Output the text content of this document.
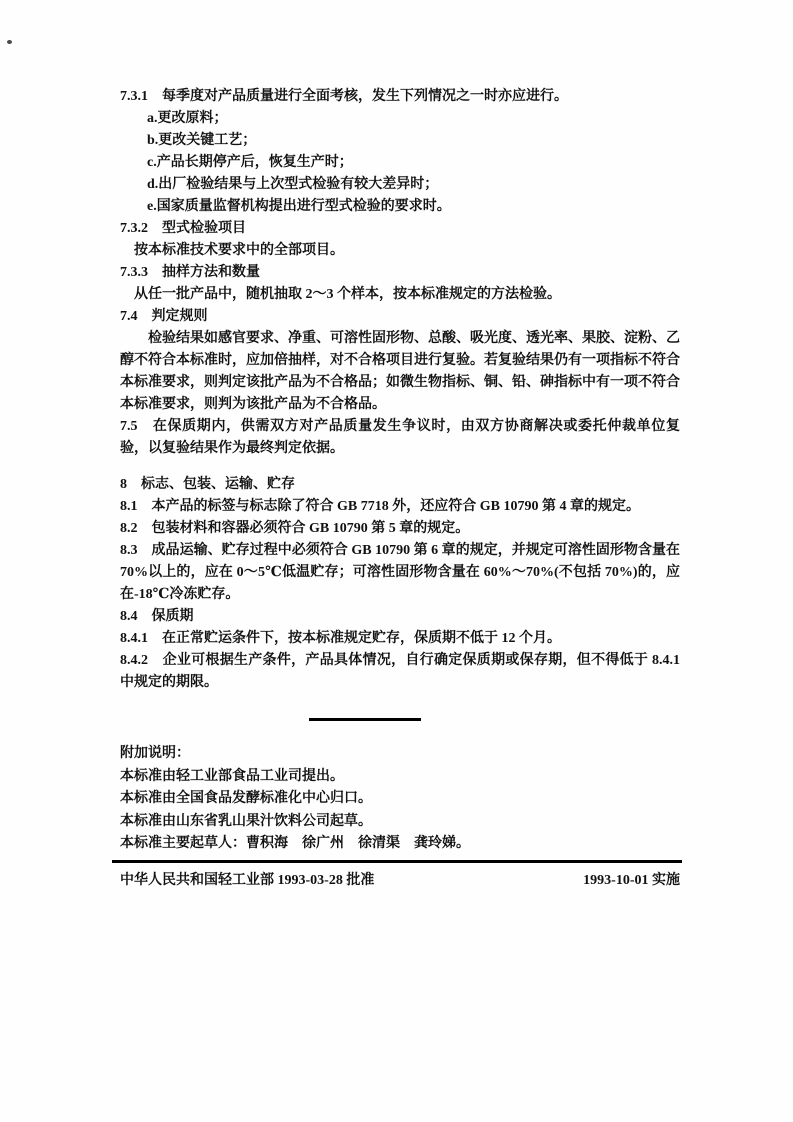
7.3.1　每季度对产品质量进行全面考核，发生下列情况之一时亦应进行。

a.更改原料；

b.更改关键工艺；

c.产品长期停产后，恢复生产时；

d.出厂检验结果与上次型式检验有较大差异时；

e.国家质量监督机构提出进行型式检验的要求时。

7.3.2　型式检验项目

按本标准技术要求中的全部项目。

7.3.3　抽样方法和数量

从任一批产品中，随机抽取 2～3 个样本，按本标准规定的方法检验。

7.4　判定规则

检验结果如感官要求、净重、可溶性固形物、总酸、吸光度、透光率、果胶、淀粉、乙醇不符合本标准时，应加倍抽样，对不合格项目进行复验。若复验结果仍有一项指标不符合本标准要求，则判定该批产品为不合格品；如微生物指标、铜、铅、砷指标中有一项不符合本标准要求，则判为该批产品为不合格品。

7.5　在保质期内，供需双方对产品质量发生争议时，由双方协商解决或委托仲裁单位复验，以复验结果作为最终判定依据。

8　标志、包装、运输、贮存

8.1　本产品的标签与标志除了符合 GB 7718 外，还应符合 GB 10790 第 4 章的规定。

8.2　包装材料和容器必须符合 GB 10790 第 5 章的规定。

8.3　成品运输、贮存过程中必须符合 GB 10790 第 6 章的规定，并规定可溶性固形物含量在 70%以上的，应在 0～5℃低温贮存；可溶性固形物含量在 60%～70%(不包括 70%)的，应在-18℃冷冻贮存。

8.4　保质期

8.4.1　在正常贮运条件下，按本标准规定贮存，保质期不低于 12 个月。

8.4.2　企业可根据生产条件，产品具体情况，自行确定保质期或保存期，但不得低于 8.4.1 中规定的期限。

附加说明：

本标准由轻工业部食品工业司提出。

本标准由全国食品发酵标准化中心归口。

本标准由山东省乳山果汁饮料公司起草。

本标准主要起草人：曹积海　徐广州　徐清渠　龚玲娣。

中华人民共和国轻工业部 1993-03-28 批准	1993-10-01 实施
